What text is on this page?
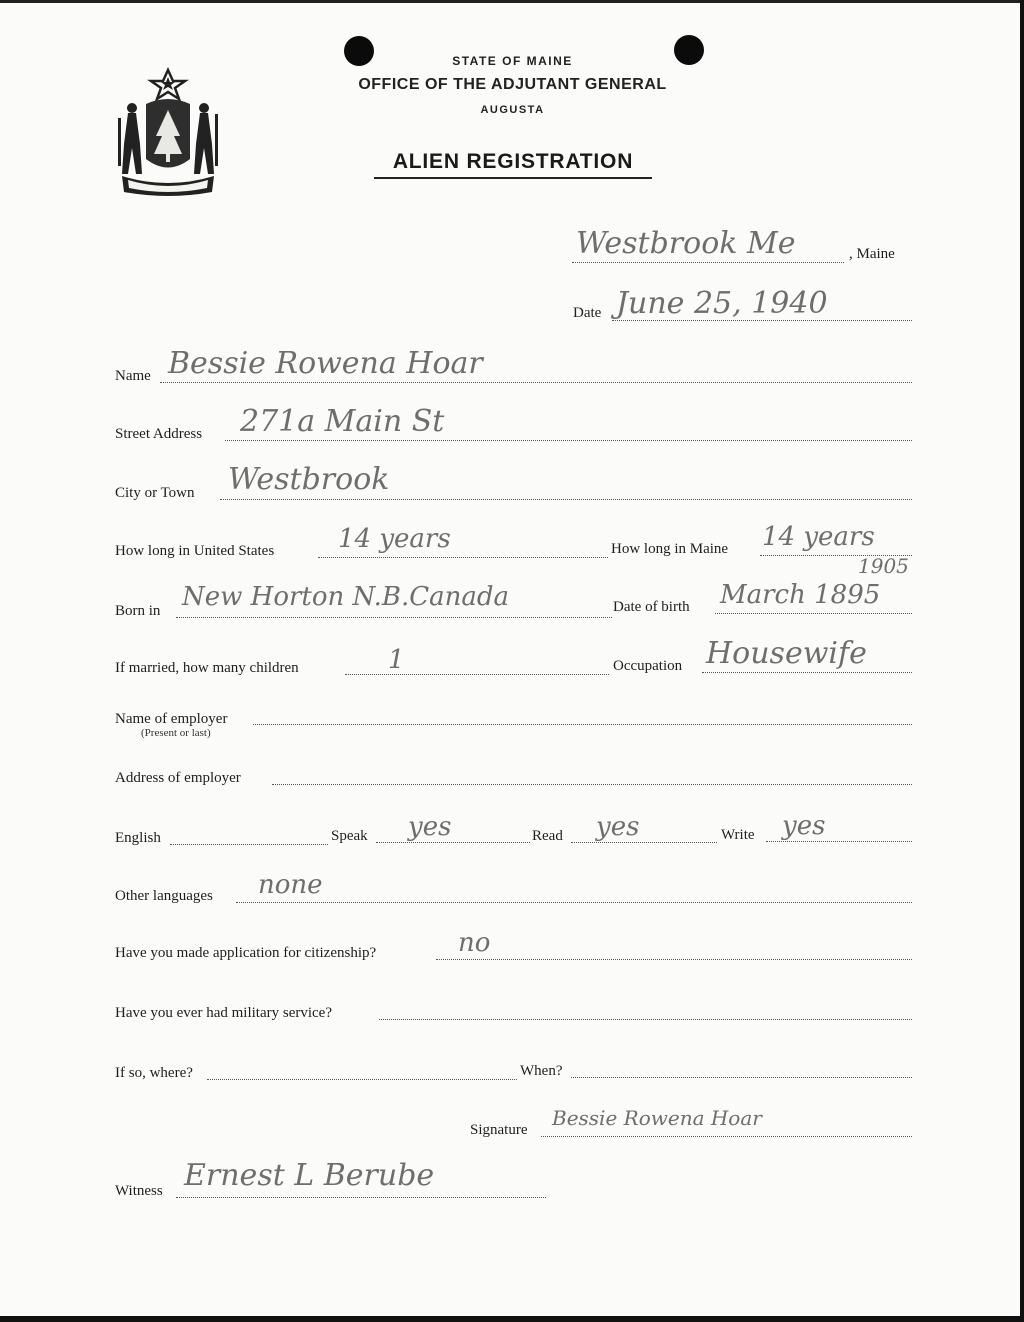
STATE OF MAINE
OFFICE OF THE ADJUTANT GENERAL
AUGUSTA
ALIEN REGISTRATION
Westbrook Me	, Maine
Date June 25, 1940
Name Bessie Rowena Hoar
Street Address 271a Main St
City or Town Westbrook
How long in United States 14 years	How long in Maine 14 years
Born in New Horton N.B.Canada	Date of birth March 1895
1905
If married, how many children	1	Occupation Housewife
Name of employer
(Present or last)
Address of employer
English	Speak yes	Read yes	Write yes
Other languages none
Have you made application for citizenship?	no
Have you ever had military service?
If so, where?	When?
Signature Bessie Rowena Hoar
Witness Ernest L Berube
